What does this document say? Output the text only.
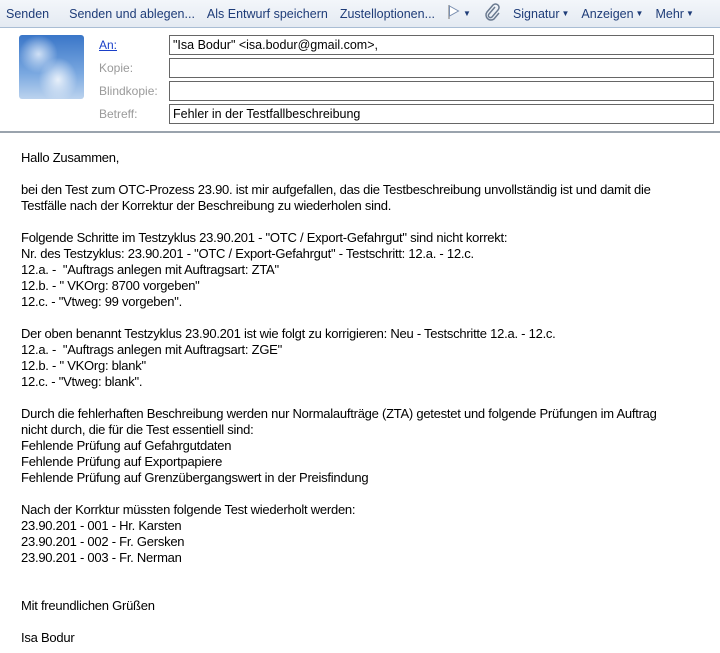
Senden	Senden und ablegen... Als Entwurf speichern Zustelloptionen...	▼	Signatur ▼ Anzeigen ▼ Mehr ▼
An:	"Isa Bodur" <isa.bodur@gmail.com>,
Kopie:
Blindkopie:
Betreff:	Fehler in der Testfallbeschreibung
Hallo Zusammen,
bei den Test zum OTC-Prozess 23.90. ist mir aufgefallen, das die Testbeschreibung unvollständig ist und damit die
Testfälle nach der Korrektur der Beschreibung zu wiederholen sind.
Folgende Schritte im Testzyklus 23.90.201 - "OTC / Export-Gefahrgut" sind nicht korrekt:
Nr. des Testzyklus: 23.90.201 - "OTC / Export-Gefahrgut" - Testschritt: 12.a. - 12.c.
12.a. -  "Auftrags anlegen mit Auftragsart: ZTA"
12.b. - " VKOrg: 8700 vorgeben"
12.c. - "Vtweg: 99 vorgeben".
Der oben benannt Testzyklus 23.90.201 ist wie folgt zu korrigieren: Neu - Testschritte 12.a. - 12.c.
12.a. -  "Auftrags anlegen mit Auftragsart: ZGE"
12.b. - " VKOrg: blank"
12.c. - "Vtweg: blank".
Durch die fehlerhaften Beschreibung werden nur Normalaufträge (ZTA) getestet und folgende Prüfungen im Auftrag
nicht durch, die für die Test essentiell sind:
Fehlende Prüfung auf Gefahrgutdaten
Fehlende Prüfung auf Exportpapiere
Fehlende Prüfung auf Grenzübergangswert in der Preisfindung
Nach der Korrktur müssten folgende Test wiederholt werden:
23.90.201 - 001 - Hr. Karsten
23.90.201 - 002 - Fr. Gersken
23.90.201 - 003 - Fr. Nerman
Mit freundlichen Grüßen
Isa Bodur
